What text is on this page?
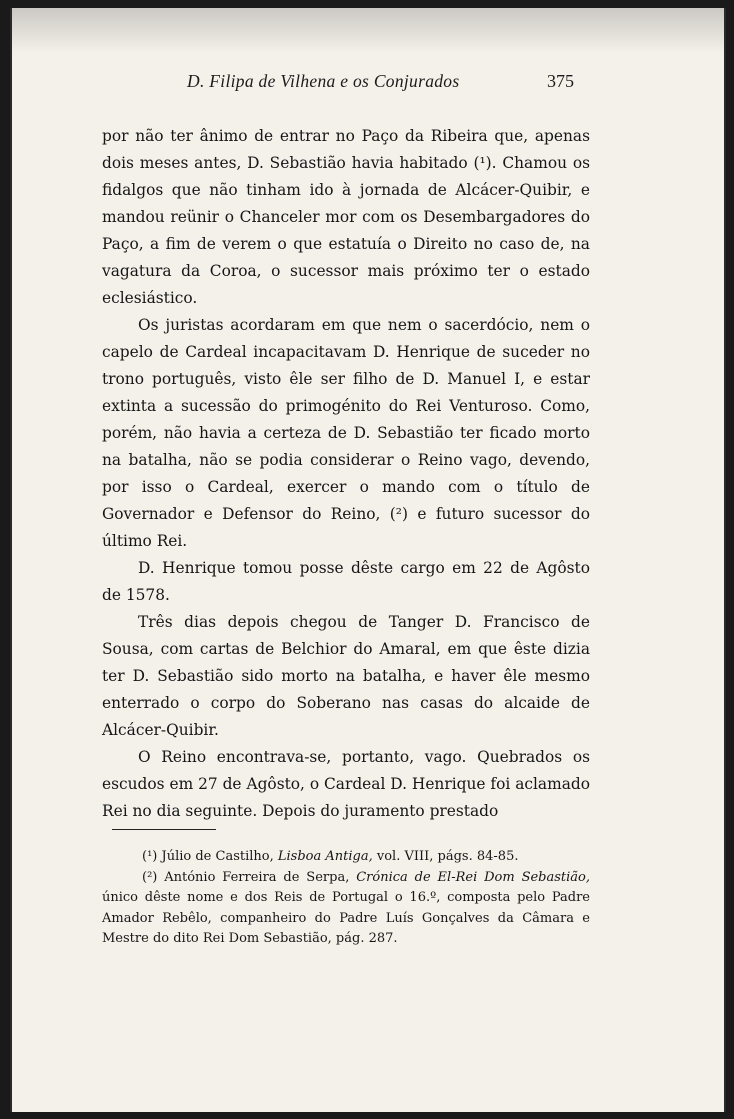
D. Filipa de Vilhena e os Conjurados	375

por não ter ânimo de entrar no Paço da Ribeira que, apenas dois meses antes, D. Sebastião havia habitado (¹). Chamou os fidalgos que não tinham ido à jornada de Alcácer-Quibir, e mandou reünir o Chanceler mor com os Desembargadores do Paço, a fim de verem o que estatuía o Direito no caso de, na vagatura da Coroa, o sucessor mais próximo ter o estado eclesiástico.

Os juristas acordaram em que nem o sacerdócio, nem o capelo de Cardeal incapacitavam D. Henrique de suceder no trono português, visto êle ser filho de D. Manuel I, e estar extinta a sucessão do primogénito do Rei Venturoso. Como, porém, não havia a certeza de D. Sebastião ter ficado morto na batalha, não se podia considerar o Reino vago, devendo, por isso o Cardeal, exercer o mando com o título de Governador e Defensor do Reino, (²) e futuro sucessor do último Rei.

D. Henrique tomou posse dêste cargo em 22 de Agôsto de 1578.

Três dias depois chegou de Tanger D. Francisco de Sousa, com cartas de Belchior do Amaral, em que êste dizia ter D. Sebastião sido morto na batalha, e haver êle mesmo enterrado o corpo do Soberano nas casas do alcaide de Alcácer-Quibir.

O Reino encontrava-se, portanto, vago. Quebrados os escudos em 27 de Agôsto, o Cardeal D. Henrique foi aclamado Rei no dia seguinte. Depois do juramento prestado

(¹) Júlio de Castilho, Lisboa Antiga, vol. VIII, págs. 84-85.

(²) António Ferreira de Serpa, Crónica de El-Rei Dom Sebastião, único dêste nome e dos Reis de Portugal o 16.º, composta pelo Padre Amador Rebêlo, companheiro do Padre Luís Gonçalves da Câmara e Mestre do dito Rei Dom Sebastião, pág. 287.
